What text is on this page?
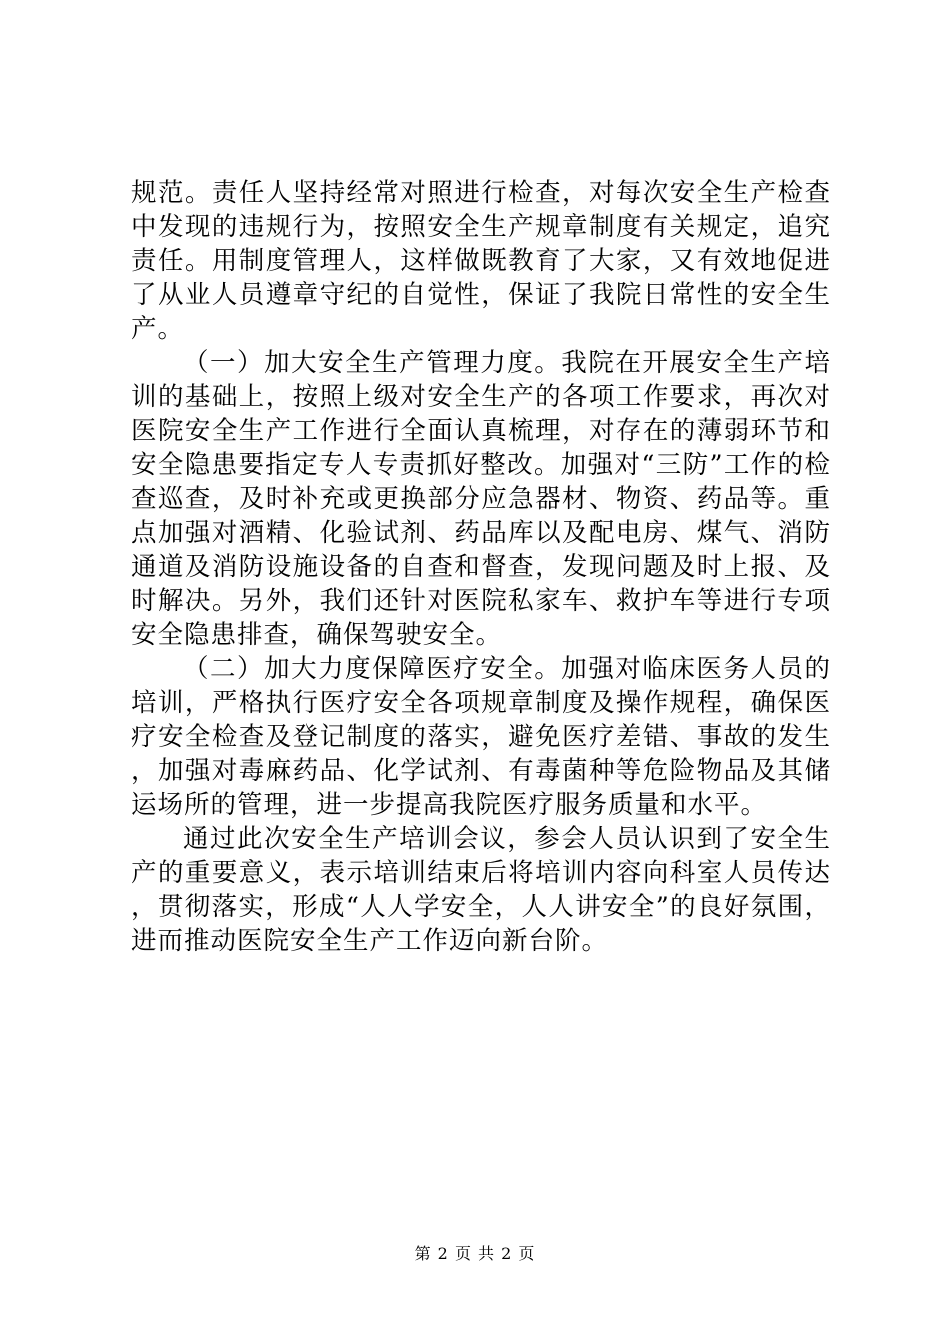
规范。责任人坚持经常对照进行检查，对每次安全生产检查中发现的违规行为，按照安全生产规章制度有关规定，追究责任。用制度管理人，这样做既教育了大家，又有效地促进了从业人员遵章守纪的自觉性，保证了我院日常性的安全生产。

（一）加大安全生产管理力度。我院在开展安全生产培训的基础上，按照上级对安全生产的各项工作要求，再次对医院安全生产工作进行全面认真梳理，对存在的薄弱环节和安全隐患要指定专人专责抓好整改。加强对“三防”工作的检查巡查，及时补充或更换部分应急器材、物资、药品等。重点加强对酒精、化验试剂、药品库以及配电房、煤气、消防通道及消防设施设备的自查和督查，发现问题及时上报、及时解决。另外，我们还针对医院私家车、救护车等进行专项安全隐患排查，确保驾驶安全。

（二）加大力度保障医疗安全。加强对临床医务人员的培训，严格执行医疗安全各项规章制度及操作规程，确保医疗安全检查及登记制度的落实，避免医疗差错、事故的发生，加强对毒麻药品、化学试剂、有毒菌种等危险物品及其储运场所的管理，进一步提高我院医疗服务质量和水平。

通过此次安全生产培训会议，参会人员认识到了安全生产的重要意义，表示培训结束后将培训内容向科室人员传达，贯彻落实，形成“人人学安全，人人讲安全”的良好氛围，进而推动医院安全生产工作迈向新台阶。

第 2 页 共 2 页
